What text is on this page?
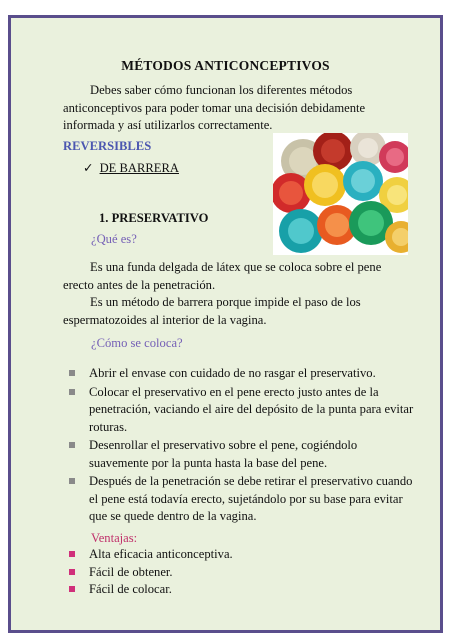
MÉTODOS ANTICONCEPTIVOS
Debes saber cómo funcionan los diferentes métodos anticonceptivos para poder tomar una decisión debidamente informada y así utilizarlos correctamente.
REVERSIBLES
✓ DE BARRERA
1. PRESERVATIVO
¿Qué es?

Es una funda delgada de látex que se coloca sobre el pene erecto antes de la penetración.

Es un método de barrera porque impide el paso de los espermatozoides al interior de la vagina.

¿Cómo se coloca?
Abrir el envase con cuidado de no rasgar el preservativo.
Colocar el preservativo en el pene erecto justo antes de la penetración, vaciando el aire del depósito de la punta para evitar roturas.
Desenrollar el preservativo sobre el pene, cogiéndolo suavemente por la punta hasta la base del pene.
Después de la penetración se debe retirar el preservativo cuando el pene está todavía erecto, sujetándolo por su base para evitar que se quede dentro de la vagina.
Ventajas:
Alta eficacia anticonceptiva.
Fácil de obtener.
Fácil de colocar.
